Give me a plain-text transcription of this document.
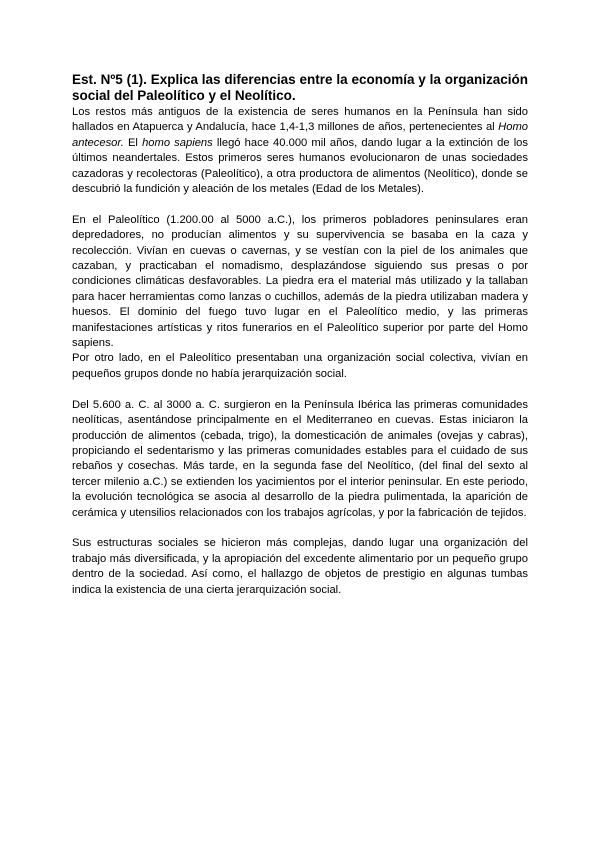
Est. Nº5 (1). Explica las diferencias entre la economía y la organización social del Paleolítico y el Neolítico.

Los restos más antiguos de la existencia de seres humanos en la Península han sido hallados en Atapuerca y Andalucía, hace 1,4-1,3 millones de años, pertenecientes al Homo antecesor. El homo sapiens llegó hace 40.000 mil años, dando lugar a la extinción de los últimos neandertales. Estos primeros seres humanos evolucionaron de unas sociedades cazadoras y recolectoras (Paleolítico), a otra productora de alimentos (Neolítico), donde se descubrió la fundición y aleación de los metales (Edad de los Metales).

En el Paleolítico (1.200.00 al 5000 a.C.), los primeros pobladores peninsulares eran depredadores, no producían alimentos y su supervivencia se basaba en la caza y recolección. Vivían en cuevas o cavernas, y se vestían con la piel de los animales que cazaban, y practicaban el nomadismo, desplazándose siguiendo sus presas o por condiciones climáticas desfavorables. La piedra era el material más utilizado y la tallaban para hacer herramientas como lanzas o cuchillos, además de la piedra utilizaban madera y huesos. El dominio del fuego tuvo lugar en el Paleolítico medio, y las primeras manifestaciones artísticas y ritos funerarios en el Paleolítico superior por parte del Homo sapiens.

Por otro lado, en el Paleolítico presentaban una organización social colectiva, vivían en pequeños grupos donde no había jerarquización social.

Del 5.600 a. C. al 3000 a. C. surgieron en la Península Ibérica las primeras comunidades neolíticas, asentándose principalmente en el Mediterraneo en cuevas. Estas iniciaron la producción de alimentos (cebada, trigo), la domesticación de animales (ovejas y cabras), propiciando el sedentarismo y las primeras comunidades estables para el cuidado de sus rebaños y cosechas. Más tarde, en la segunda fase del Neolítico, (del final del sexto al tercer milenio a.C.) se extienden los yacimientos por el interior peninsular. En este periodo, la evolución tecnológica se asocia al desarrollo de la piedra pulimentada, la aparición de cerámica y utensilios relacionados con los trabajos agrícolas, y por la fabricación de tejidos.

Sus estructuras sociales se hicieron más complejas, dando lugar una organización del trabajo más diversificada, y la apropiación del excedente alimentario por un pequeño grupo dentro de la sociedad. Así como, el hallazgo de objetos de prestigio en algunas tumbas indica la existencia de una cierta jerarquización social.
